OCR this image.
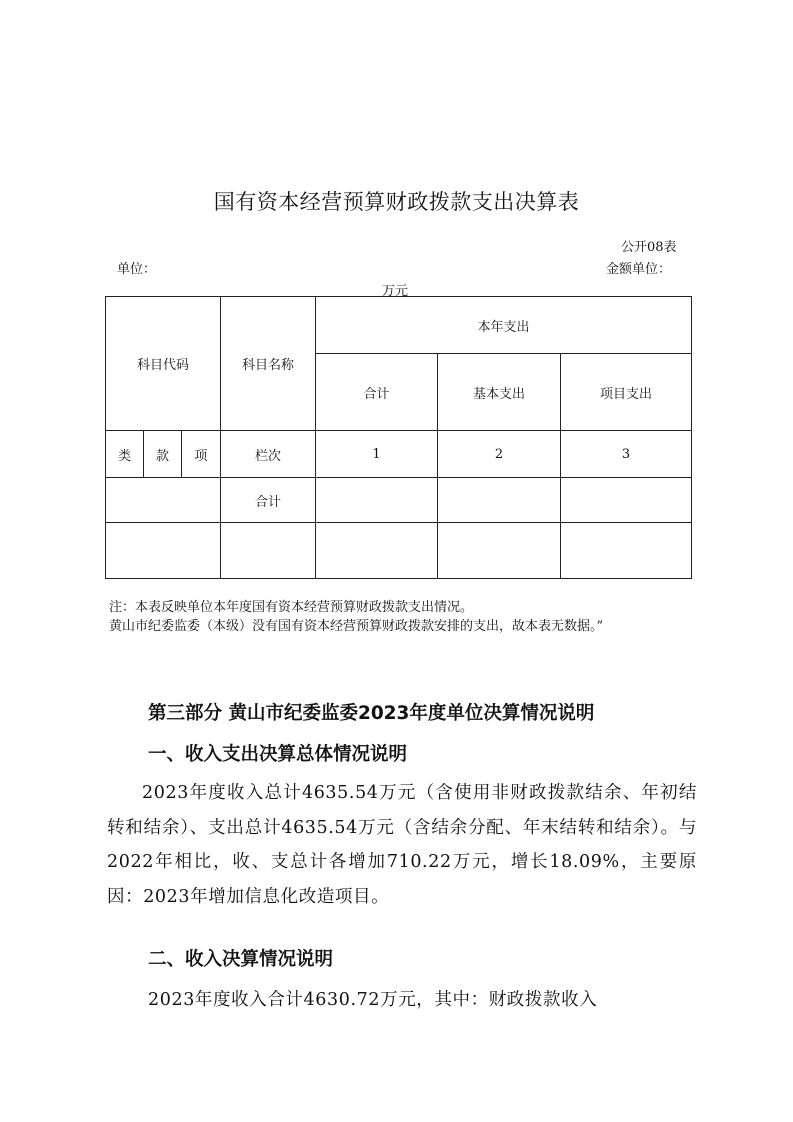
国有资本经营预算财政拨款支出决算表
公开08表
单位：	金额单位：
万元
科目代码			科目名称	本年支出		
				合计	基本支出	项目支出
类	款	项	栏次	1	2	3
			合计			

注：本表反映单位本年度国有资本经营预算财政拨款支出情况。
黄山市纪委监委（本级）没有国有资本经营预算财政拨款安排的支出，故本表无数据。”
第三部分 黄山市纪委监委2023年度单位决算情况说明
一、收入支出决算总体情况说明

2023年度收入总计4635.54万元（含使用非财政拨款结余、年初结转和结余）、支出总计4635.54万元（含结余分配、年末结转和结余）。与2022年相比，收、支总计各增加710.22万元，增长18.09%，主要原因：2023年增加信息化改造项目。

二、收入决算情况说明
2023年度收入合计4630.72万元，其中：财政拨款收入
